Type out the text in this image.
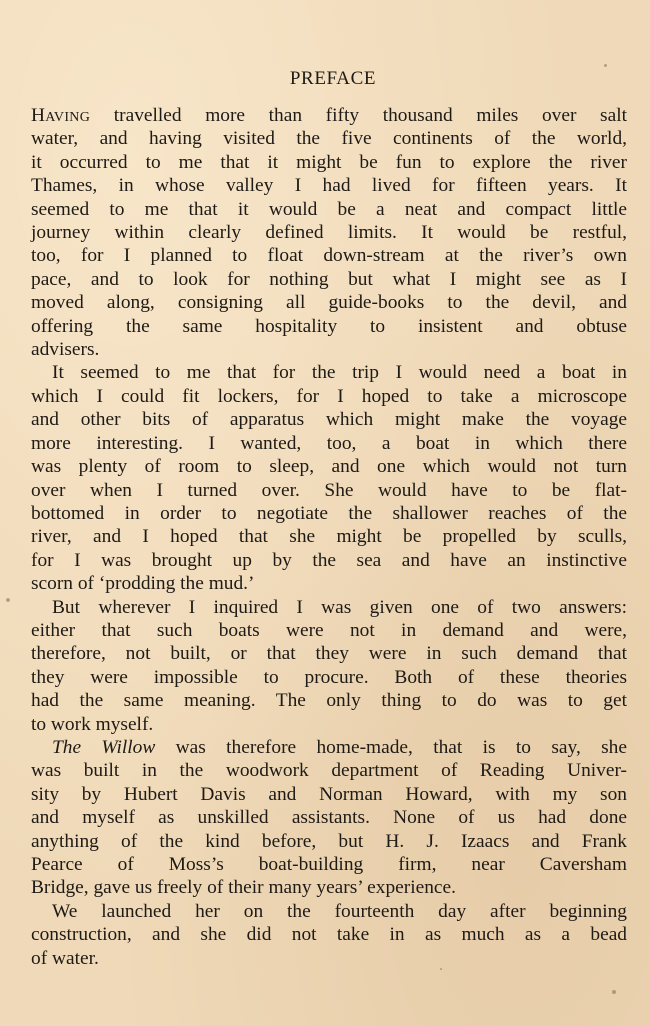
PREFACE
Having travelled more than fifty thousand miles over salt
water, and having visited the five continents of the world,
it occurred to me that it might be fun to explore the river
Thames, in whose valley I had lived for fifteen years. It
seemed to me that it would be a neat and compact little
journey within clearly defined limits. It would be restful,
too, for I planned to float down-stream at the river’s own
pace, and to look for nothing but what I might see as I
moved along, consigning all guide-books to the devil, and
offering the same hospitality to insistent and obtuse
advisers.
It seemed to me that for the trip I would need a boat in
which I could fit lockers, for I hoped to take a microscope
and other bits of apparatus which might make the voyage
more interesting. I wanted, too, a boat in which there
was plenty of room to sleep, and one which would not turn
over when I turned over. She would have to be flat-
bottomed in order to negotiate the shallower reaches of the
river, and I hoped that she might be propelled by sculls,
for I was brought up by the sea and have an instinctive
scorn of ‘prodding the mud.’
But wherever I inquired I was given one of two answers:
either that such boats were not in demand and were,
therefore, not built, or that they were in such demand that
they were impossible to procure. Both of these theories
had the same meaning. The only thing to do was to get
to work myself.
The Willow was therefore home-made, that is to say, she
was built in the woodwork department of Reading Univer-
sity by Hubert Davis and Norman Howard, with my son
and myself as unskilled assistants. None of us had done
anything of the kind before, but H. J. Izaacs and Frank
Pearce of Moss’s boat-building firm, near Caversham
Bridge, gave us freely of their many years’ experience.
We launched her on the fourteenth day after beginning
construction, and she did not take in as much as a bead
of water.
